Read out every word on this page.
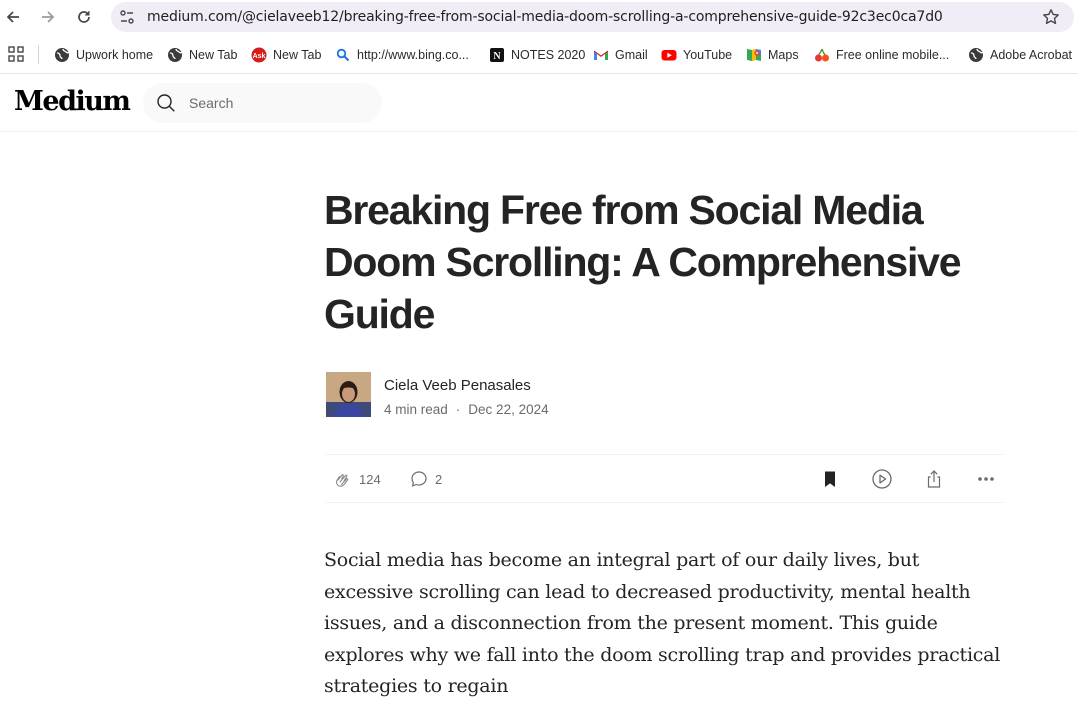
medium.com/@cielaveeb12/breaking-free-from-social-media-doom-scrolling-a-comprehensive-guide-92c3ec0ca7d0
Upwork home	New Tab Ask New Tab	http://www.bing.co... N NOTES 2020 Gmail	YouTube	Maps	Free online mobile...	Adobe Acrobat
Medium
Search
Breaking Free from Social Media Doom Scrolling: A Comprehensive Guide
Ciela Veeb Penasales
4 min read · Dec 22, 2024
124	2

Social media has become an integral part of our daily lives, but excessive scrolling can lead to decreased productivity, mental health issues, and a disconnection from the present moment. This guide explores why we fall into the doom scrolling trap and provides practical strategies to regain
